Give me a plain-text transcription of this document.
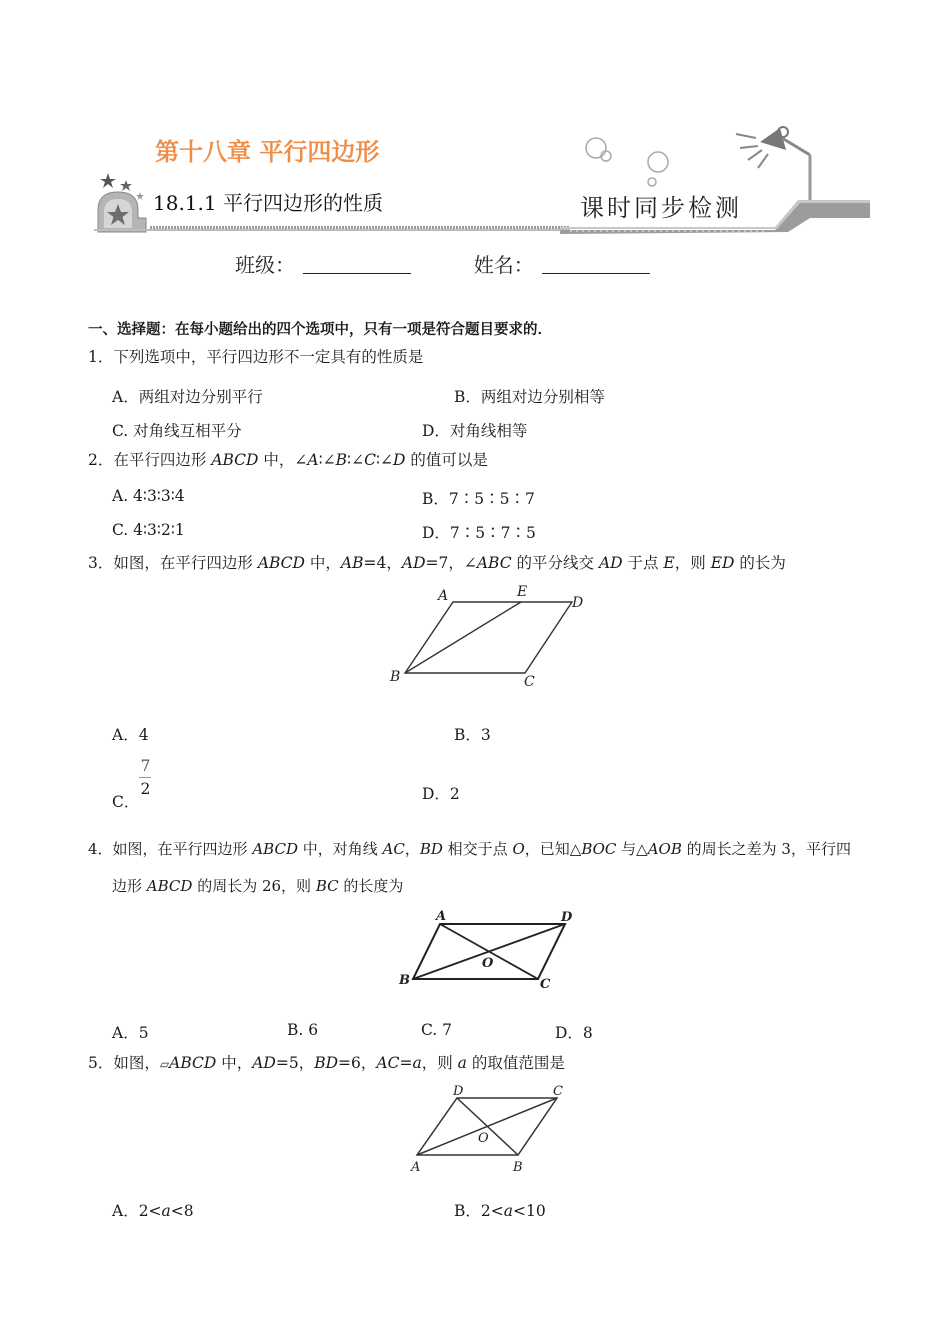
第十八章 平行四边形
18.1.1 平行四边形的性质	课时同步检测
班级：	姓名：
一、选择题：在每小题给出的四个选项中，只有一项是符合题目要求的．
1．下列选项中，平行四边形不一定具有的性质是
A．两组对边分别平行	B．两组对边分别相等
C. 对角线互相平分	D．对角线相等
2．在平行四边形 ABCD 中，∠A∶∠B∶∠C∶∠D 的值可以是
A. 4∶3∶3∶4	B．7∶5∶5∶7
C. 4∶3∶2∶1	D．7∶5∶7∶5
3．如图，在平行四边形 ABCD 中，AB=4，AD=7，∠ABC 的平分线交 AD 于点 E，则 ED 的长为
A	E
D
B	C
A．4	B．3
C．
$\frac{7}{2}$	D．2
4．如图，在平行四边形 ABCD 中，对角线 AC，BD 相交于点 O，已知△BOC 与△AOB 的周长之差为 3，平行四
边形 ABCD 的周长为 26，则 BC 的长度为
A	D
B	C
O
A．5	B. 6	C. 7	D．8
5．如图，▱ABCD 中，AD=5，BD=6，AC=a，则 a 的取值范围是
D	C
A	B
O
A．2<a<8	B．2<a<10
